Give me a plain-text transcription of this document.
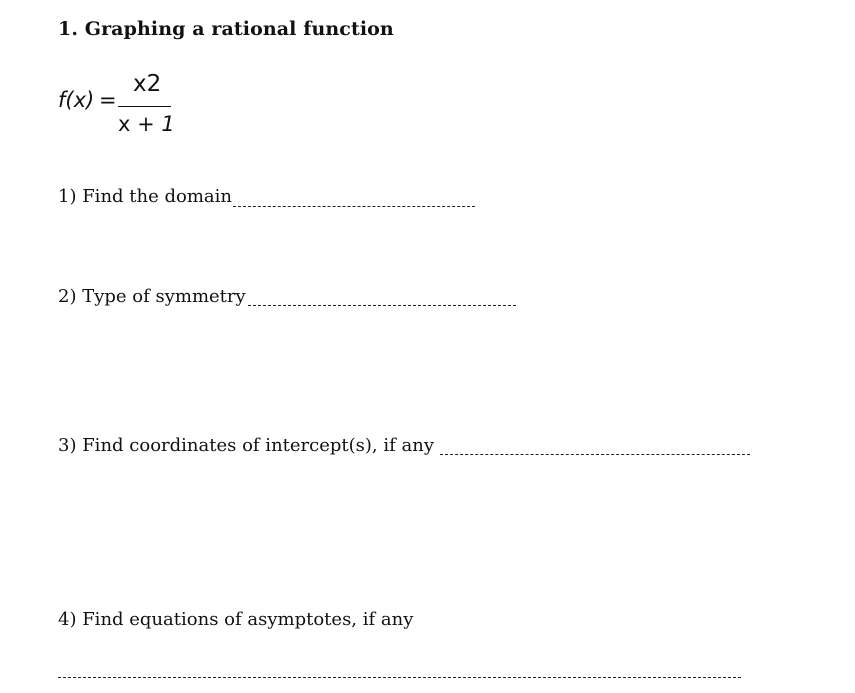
1. Graphing a rational function
f(x) =
x2
x + 1
1) Find the domain
2) Type of symmetry
3) Find coordinates of intercept(s), if any
4) Find equations of asymptotes, if any
